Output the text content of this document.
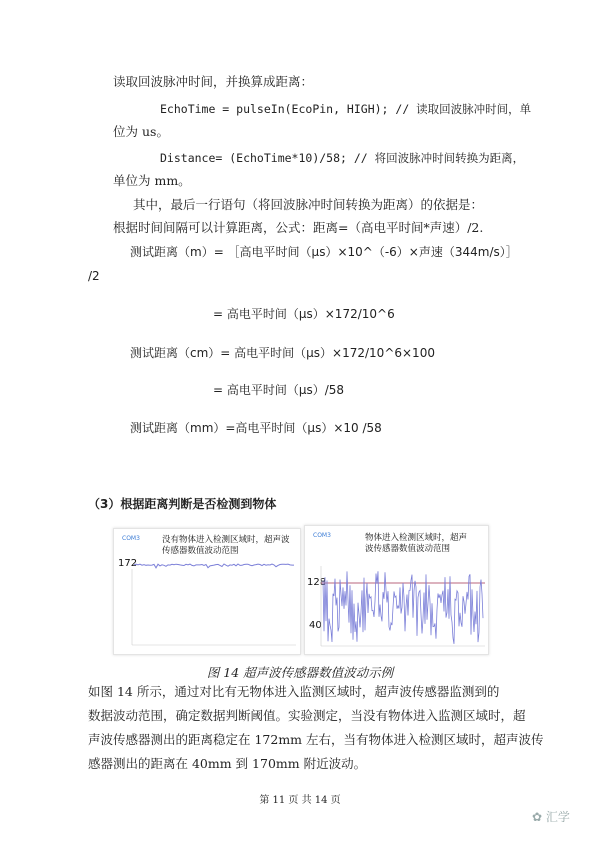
读取回波脉冲时间，并换算成距离：
EchoTime = pulseIn(EcoPin, HIGH); // 读取回波脉冲时间，单
位为 us。
Distance= (EchoTime*10)/58; // 将回波脉冲时间转换为距离，
单位为 mm。
其中，最后一行语句（将回波脉冲时间转换为距离）的依据是：
根据时间间隔可以计算距离，公式：距离=（高电平时间*声速）/2.
测试距离（m）= ［高电平时间（μs）×10^（-6）×声速（344m/s）］
/2
= 高电平时间（μs）×172/10^6
测试距离（cm）= 高电平时间（μs）×172/10^6×100
= 高电平时间（μs）/58
测试距离（mm）=高电平时间（μs）×10 /58
（3）根据距离判断是否检测到物体
COM3	没有物体进入检测区域时，超声波传感器数值波动范围
172
COM3	物体进入检测区域时，超声波传感器数值波动范围
128
40
图 14 超声波传感器数值波动示例
如图 14 所示，通过对比有无物体进入监测区域时，超声波传感器监测到的
数据波动范围，确定数据判断阈值。实验测定，当没有物体进入监测区域时，超
声波传感器测出的距离稳定在 172mm 左右，当有物体进入检测区域时，超声波传
感器测出的距离在 40mm 到 170mm 附近波动。
第 11 页 共 14 页
✿ 汇学
